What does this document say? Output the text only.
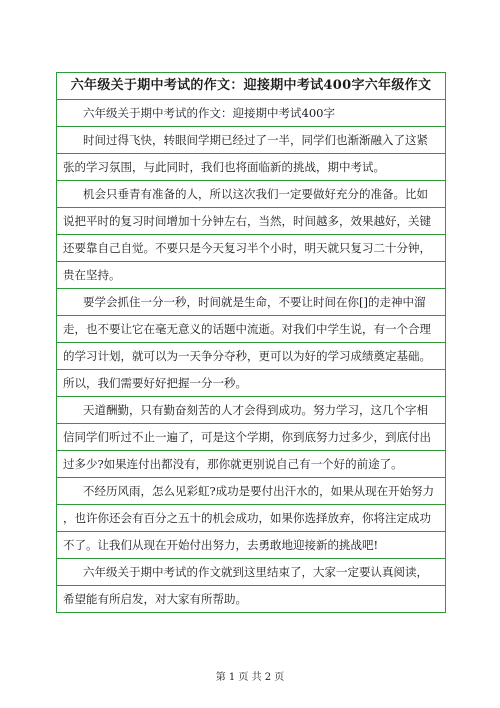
六年级关于期中考试的作文：迎接期中考试400字六年级作文
六年级关于期中考试的作文：迎接期中考试400字
时间过得飞快，转眼间学期已经过了一半，同学们也渐渐融入了这紧
张的学习氛围，与此同时，我们也将面临新的挑战，期中考试。
机会只垂青有准备的人，所以这次我们一定要做好充分的准备。比如
说把平时的复习时间增加十分钟左右，当然，时间越多，效果越好，关键
还要靠自己自觉。不要只是今天复习半个小时，明天就只复习二十分钟，
贵在坚持。
要学会抓住一分一秒，时间就是生命，不要让时间在你[]的走神中溜
走，也不要让它在毫无意义的话题中流逝。对我们中学生说，有一个合理
的学习计划，就可以为一天争分夺秒，更可以为好的学习成绩奠定基础。
所以，我们需要好好把握一分一秒。
天道酬勤，只有勤奋刻苦的人才会得到成功。努力学习，这几个字相
信同学们听过不止一遍了，可是这个学期，你到底努力过多少，到底付出
过多少?如果连付出都没有，那你就更别说自己有一个好的前途了。
不经历风雨，怎么见彩虹?成功是要付出汗水的，如果从现在开始努力
，也许你还会有百分之五十的机会成功，如果你选择放弃，你将注定成功
不了。让我们从现在开始付出努力，去勇敢地迎接新的挑战吧!
六年级关于期中考试的作文就到这里结束了，大家一定要认真阅读，
希望能有所启发，对大家有所帮助。
第 1 页 共 2 页
